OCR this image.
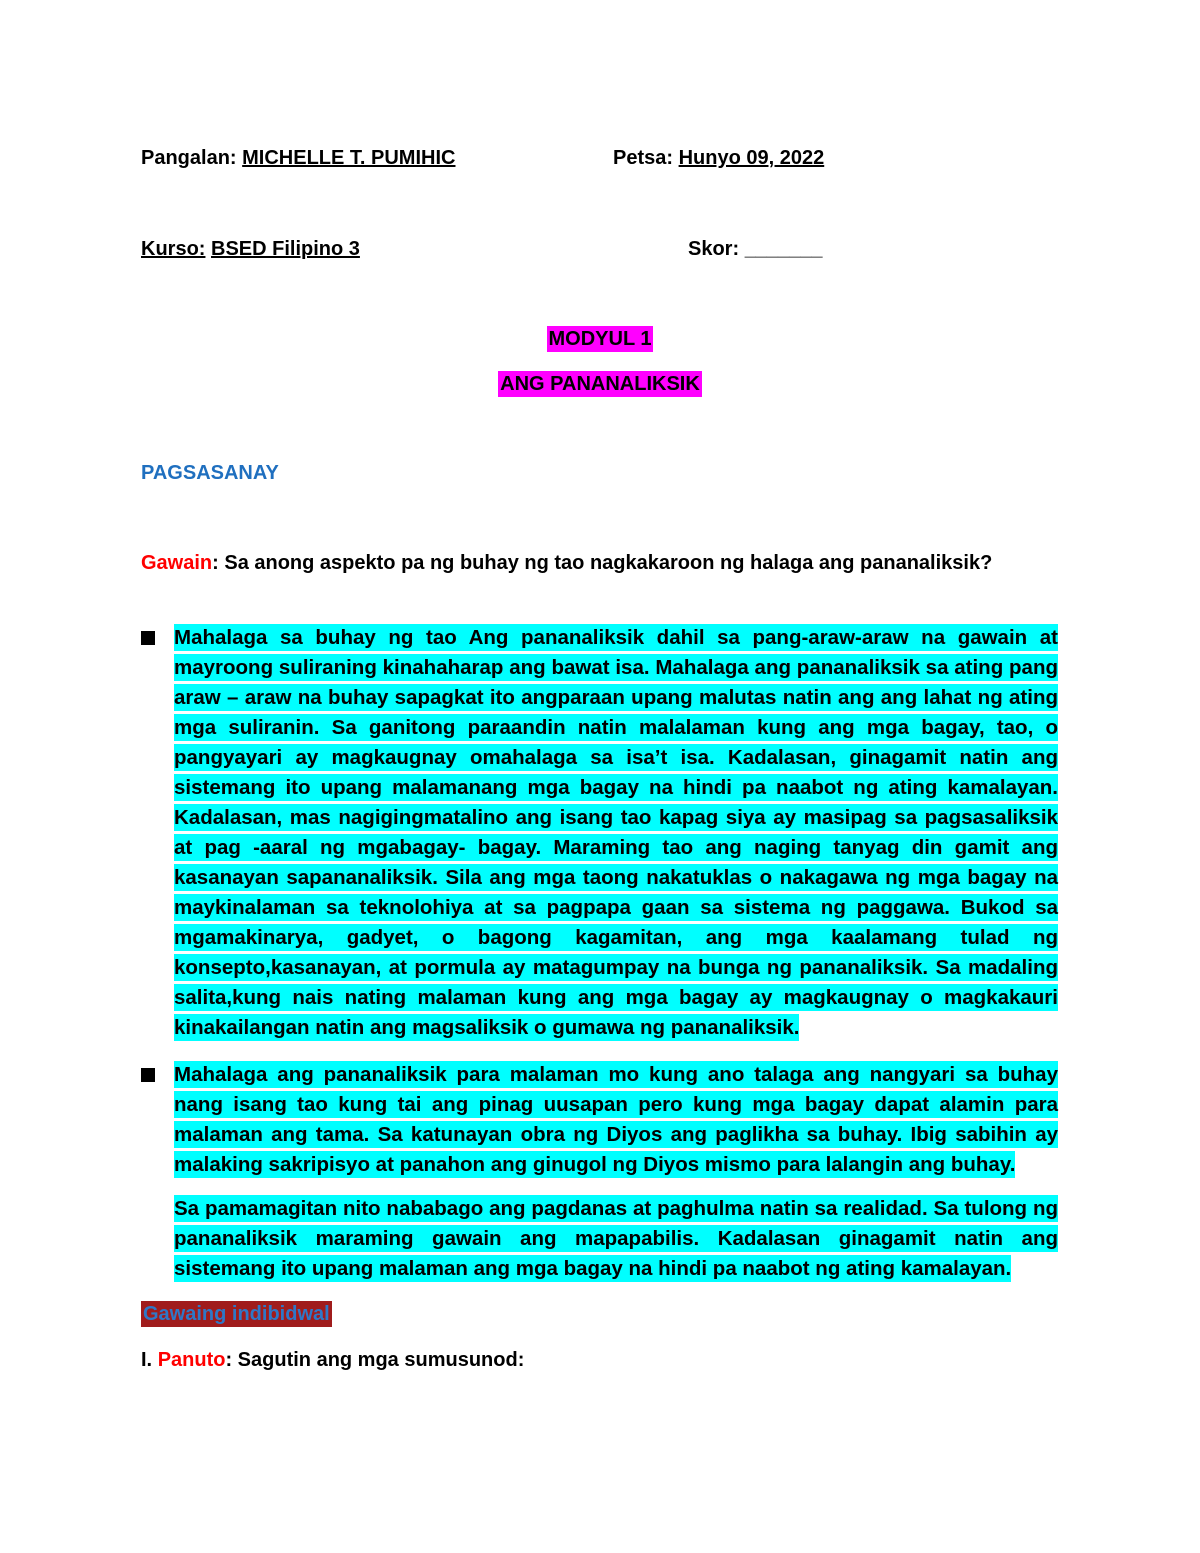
Pangalan: MICHELLE T. PUMIHIC	Petsa: Hunyo 09, 2022
Kurso: BSED Filipino 3	Skor: _______
MODYUL 1
ANG PANANALIKSIK
PAGSASANAY
Gawain: Sa anong aspekto pa ng buhay ng tao nagkakaroon ng halaga ang pananaliksik?
Mahalaga sa buhay ng tao Ang pananaliksik dahil sa pang-araw-araw na gawain at mayroong suliraning kinahaharap ang bawat isa. Mahalaga ang pananaliksik sa ating pang araw – araw na buhay sapagkat ito angparaan upang malutas natin ang ang lahat ng ating mga suliranin. Sa ganitong paraandin natin malalaman kung ang mga bagay, tao, o pangyayari ay magkaugnay omahalaga sa isa’t isa. Kadalasan, ginagamit natin ang sistemang ito upang malamanang mga bagay na hindi pa naabot ng ating kamalayan. Kadalasan, mas nagigingmatalino ang isang tao kapag siya ay masipag sa pagsasaliksik at pag -aaral ng mgabagay- bagay. Maraming tao ang naging tanyag din gamit ang kasanayan sapananaliksik. Sila ang mga taong nakatuklas o nakagawa ng mga bagay na maykinalaman sa teknolohiya at sa pagpapa gaan sa sistema ng paggawa. Bukod sa mgamakinarya, gadyet, o bagong kagamitan, ang mga kaalamang tulad ng konsepto,kasanayan, at pormula ay matagumpay na bunga ng pananaliksik. Sa madaling salita,kung nais nating malaman kung ang mga bagay ay magkaugnay o magkakauri kinakailangan natin ang magsaliksik o gumawa ng pananaliksik.
Mahalaga ang pananaliksik para malaman mo kung ano talaga ang nangyari sa buhay nang isang tao kung tai ang pinag uusapan pero kung mga bagay dapat alamin para malaman ang tama. Sa katunayan obra ng Diyos ang paglikha sa buhay. Ibig sabihin ay malaking sakripisyo at panahon ang ginugol ng Diyos mismo para lalangin ang buhay.
Sa pamamagitan nito nababago ang pagdanas at paghulma natin sa realidad. Sa tulong ng pananaliksik maraming gawain ang mapapabilis. Kadalasan ginagamit natin ang sistemang ito upang malaman ang mga bagay na hindi pa naabot ng ating kamalayan.
Gawaing indibidwal
I. Panuto: Sagutin ang mga sumusunod:
